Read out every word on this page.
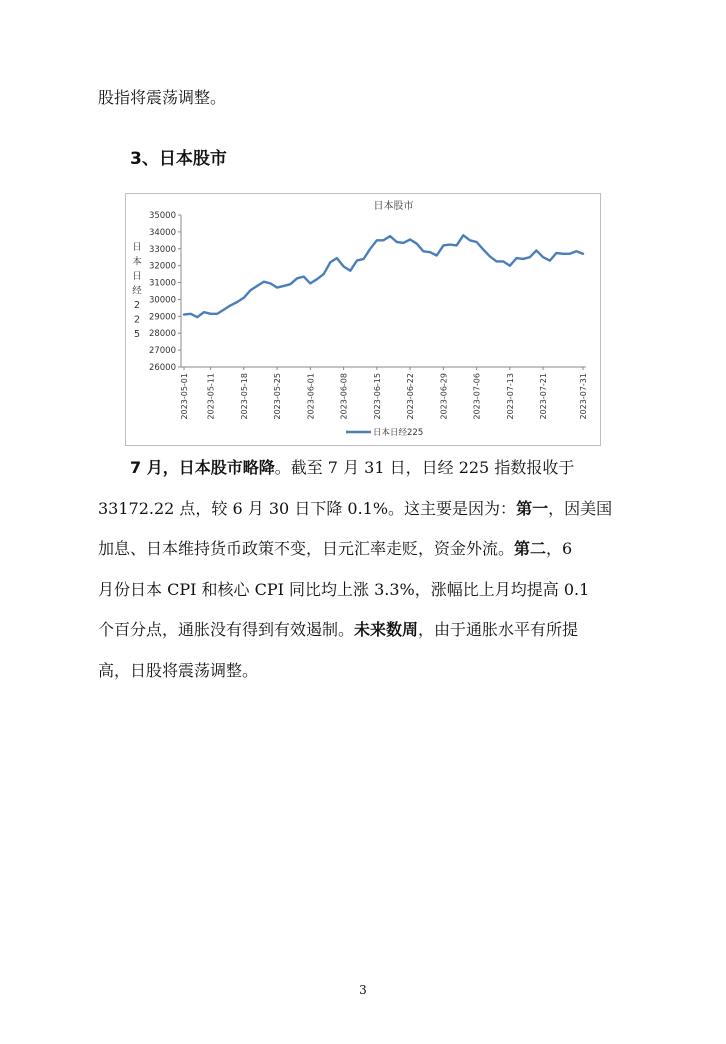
股指将震荡调整。
3、日本股市
日本股市
26000
27000
28000
29000
30000
31000
32000
33000
34000
35000
日
本
日
经
2
2
5
2023-05-01 2023-05-11	2023-05-18	2023-05-25	2023-06-01	2023-06-08	2023-06-15	2023-06-22	2023-06-29	2023-07-06	2023-07-13	2023-07-21	2023-07-31
日本日经225
7 月，日本股市略降。截至 7 月 31 日，日经 225 指数报收于
33172.22 点，较 6 月 30 日下降 0.1%。这主要是因为：第一，因美国
加息、日本维持货币政策不变，日元汇率走贬，资金外流。第二，6
月份日本 CPI 和核心 CPI 同比均上涨 3.3%，涨幅比上月均提高 0.1
个百分点，通胀没有得到有效遏制。未来数周，由于通胀水平有所提
高，日股将震荡调整。
3
